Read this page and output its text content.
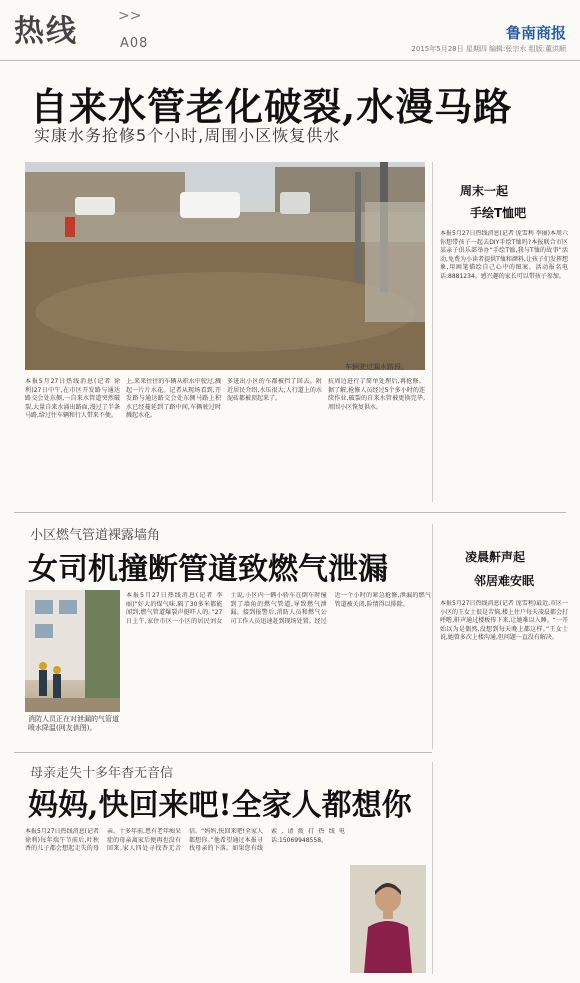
热线	>>
A08
鲁南商报
2015年5月28日 星期四 编辑:张宗水 组版:董洪顺
自来水管老化破裂,水漫马路
实康水务抢修5个小时,周围小区恢复供水
车辆驶过漏水路段。
本报5月27日热线消息(记者 徐利)27日中午,在市区开发路与通达路交会处东侧,一自来水管道突然破裂,大量自来水涌出路面,漫过了半条马路,给过往车辆和行人带来不便。
上,来来往往的车辆从积水中驶过,溅起一片片水花。记者从现场看到,开发路与通达路交会处东侧马路上积水已经蔓延到了路中间,车辆驶过时溅起水花。
多进出小区的车都被挡了回去。附近居民介绍,水压很大,人行道上的水泥砖都被顶起来了。
抗周边进行了简单处理后,再抢修。据了解,抢修人员经过5个多小时的连续作业,破裂的自来水管被更换完毕,周围小区恢复供水。
周末一起
手绘T恤吧
本报5月27日热线消息(记者 庞雪利 李丽)本周六你想带孩子一起去DIY手绘T恤吗?本报联合市区某亲子俱乐部举办“手绘T恤,我与T恤的故事”活动,免费为小读者提供T恤和颜料,让孩子们发挥想象,用画笔描绘自己心中的图案。活动报名电话:8881234。感兴趣的家长可以带孩子参加。
小区燃气管道裸露墙角
女司机撞断管道致燃气泄漏
消防人员正在对泄漏的气管道喷水降温(网友供图)。
本报5月27日热线消息(记者 李丽)“好大的煤气味,隔了30多米都能闻到,燃气管道爆裂声挺吓人的。”27日上午,家住市区一小区的居民刘女士说,小区内一辆小轿车在倒车时撞到了墙角的燃气管道,导致燃气泄漏。接到报警后,消防人员和燃气公司工作人员迅速赶到现场处置。经过近一个小时的紧急抢修,泄漏的燃气管道被关闭,险情得以排除。
凌晨鼾声起
邻居难安眠
本报5月27日热线消息(记者 庞雪利)最近,市区一小区的王女士很是苦恼,楼上住户每天凌晨都会打呼噜,鼾声通过楼板传下来,让她难以入睡。“一开始以为是偶然,没想到每天晚上都这样。”王女士说,她曾多次上楼沟通,但问题一直没有解决。
母亲走失十多年杳无音信
妈妈,快回来吧!全家人都想你
本报5月27日热线消息(记者 徐利)每年端午节前后,叶秋香的儿子都会想起走失的母亲。十多年前,患有老年痴呆症的母亲离家后便再也没有回来,家人四处寻找杳无音信。“妈妈,快回来吧!全家人都想你。”他希望通过本报寻找母亲的下落。如果您有线索,请拨打热线电话:15069948558。
